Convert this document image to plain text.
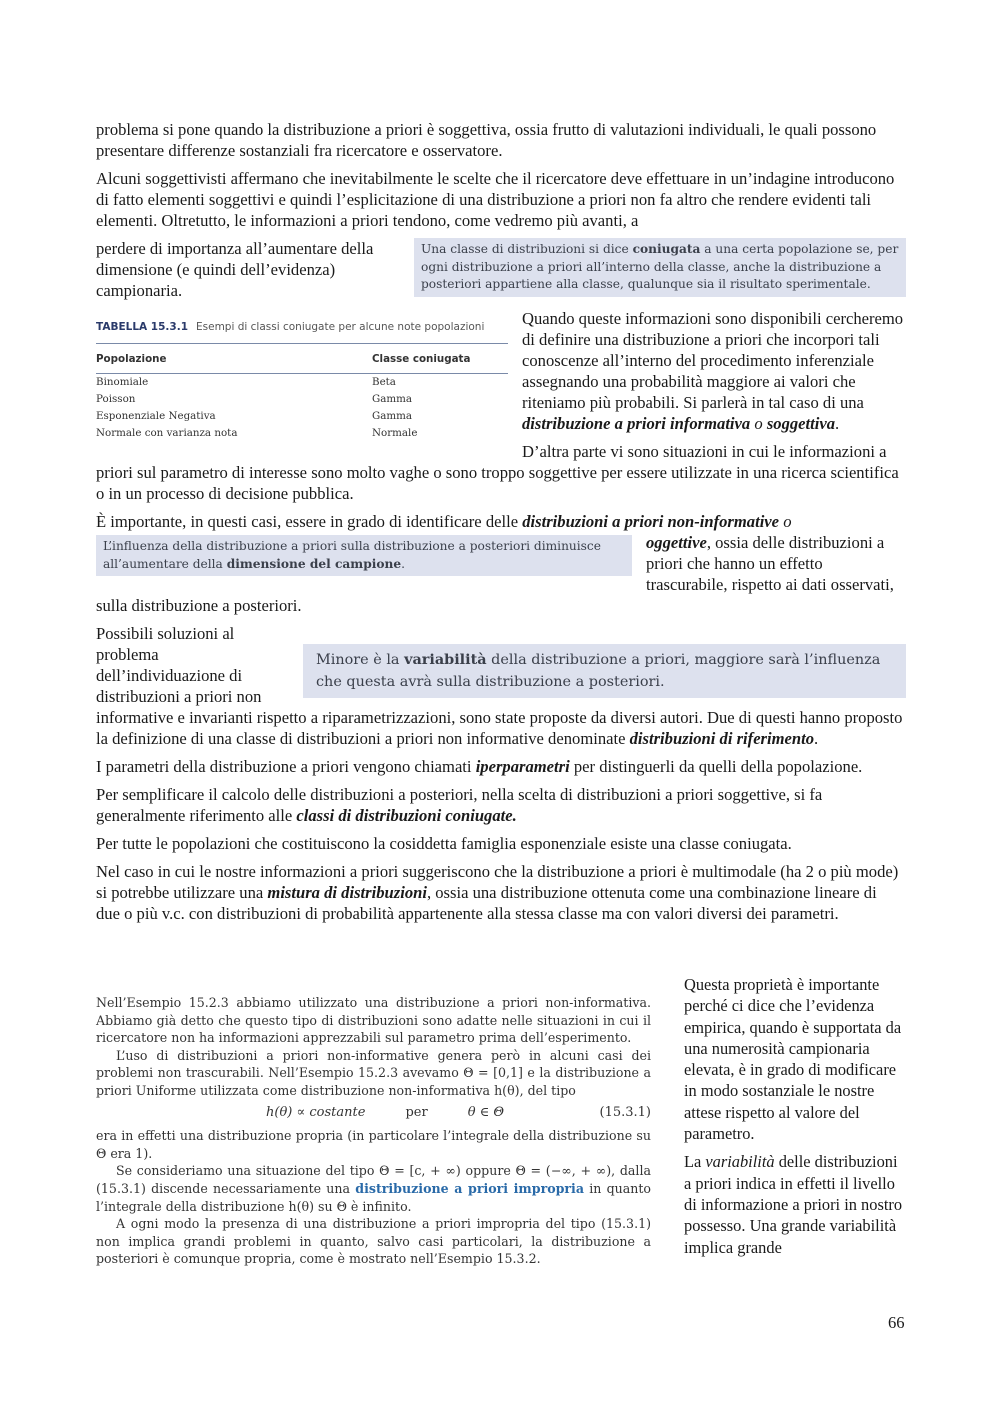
problema si pone quando la distribuzione a priori è soggettiva, ossia frutto di valutazioni individuali, le quali possono presentare differenze sostanziali fra ricercatore e osservatore.

Alcuni soggettivisti affermano che inevitabilmente le scelte che il ricercatore deve effettuare in un’indagine introducono di fatto elementi soggettivi e quindi l’esplicitazione di una distribuzione a priori non fa altro che rendere evidenti tali elementi. Oltretutto, le informazioni a priori tendono, come vedremo più avanti, a

Una classe di distribuzioni si dice coniugata a una certa popolazione se, per ogni distribuzione a priori all’interno della classe, anche la distribuzione a posteriori appartiene alla classe, qualunque sia il risultato sperimentale.

perdere di importanza all’aumentare della dimensione (e quindi dell’evidenza) campionaria.

TABELLA 15.3.1 Esempi di classi coniugate per alcune note popolazioni
Popolazione	Classe coniugata
Binomiale	Beta
Poisson	Gamma
Esponenziale Negativa	Gamma
Normale con varianza nota	Normale

Quando queste informazioni sono disponibili cercheremo di definire una distribuzione a priori che incorpori tali conoscenze all’interno del procedimento inferenziale assegnando una probabilità maggiore ai valori che riteniamo più probabili. Si parlerà in tal caso di una distribuzione a priori informativa o soggettiva.

D’altra parte vi sono situazioni in cui le informazioni a priori sul parametro di interesse sono molto vaghe o sono troppo soggettive per essere utilizzate in una ricerca scientifica o in un processo di decisione pubblica.

È importante, in questi casi, essere in grado di identificare delle distribuzioni a priori non-informative o

L’influenza della distribuzione a priori sulla distribuzione a posteriori diminuisce all’aumentare della dimensione del campione.
oggettive, ossia delle distribuzioni a priori che hanno un effetto trascurabile, rispetto ai dati osservati, sulla distribuzione a posteriori.

Minore è la variabilità della distribuzione a priori, maggiore sarà l’influenza che questa avrà sulla distribuzione a posteriori.
Possibili soluzioni al problema dell’individuazione di distribuzioni a priori non informative e invarianti rispetto a riparametrizzazioni, sono state proposte da diversi autori. Due di questi hanno proposto la definizione di una classe di distribuzioni a priori non informative denominate distribuzioni di riferimento.

I parametri della distribuzione a priori vengono chiamati iperparametri per distinguerli da quelli della popolazione.

Per semplificare il calcolo delle distribuzioni a posteriori, nella scelta di distribuzioni a priori soggettive, si fa generalmente riferimento alle classi di distribuzioni coniugate.

Per tutte le popolazioni che costituiscono la cosiddetta famiglia esponenziale esiste una classe coniugata.

Nel caso in cui le nostre informazioni a priori suggeriscono che la distribuzione a priori è multimodale (ha 2 o più mode) si potrebbe utilizzare una mistura di distribuzioni, ossia una distribuzione ottenuta come una combinazione lineare di due o più v.c. con distribuzioni di probabilità appartenente alla stessa classe ma con valori diversi dei parametri.

Nell’Esempio 15.2.3 abbiamo utilizzato una distribuzione a priori non-informativa. Abbiamo già detto che questo tipo di distribuzioni sono adatte nelle situazioni in cui il ricercatore non ha informazioni apprezzabili sul parametro prima dell’esperimento.

L’uso di distribuzioni a priori non-informative genera però in alcuni casi dei problemi non trascurabili. Nell’Esempio 15.2.3 avevamo Θ = [0,1] e la distribuzione a priori Uniforme utilizzata come distribuzione non-informativa h(θ), del tipo

h(θ) ∝ costante	per	θ ∈ Θ	(15.3.1)

era in effetti una distribuzione propria (in particolare l’integrale della distribuzione su Θ era 1).

Se consideriamo una situazione del tipo Θ = [c, + ∞) oppure Θ = (−∞, + ∞), dalla (15.3.1) discende necessariamente una distribuzione a priori impropria in quanto l’integrale della distribuzione h(θ) su Θ è infinito.

A ogni modo la presenza di una distribuzione a priori impropria del tipo (15.3.1) non implica grandi problemi in quanto, salvo casi particolari, la distribuzione a posteriori è comunque propria, come è mostrato nell’Esempio 15.3.2.

Questa proprietà è importante perché ci dice che l’evidenza empirica, quando è supportata da una numerosità campionaria elevata, è in grado di modificare in modo sostanziale le nostre attese rispetto al valore del parametro.

La variabilità delle distribuzioni a priori indica in effetti il livello di informazione a priori in nostro possesso. Una grande variabilità implica grande

66
